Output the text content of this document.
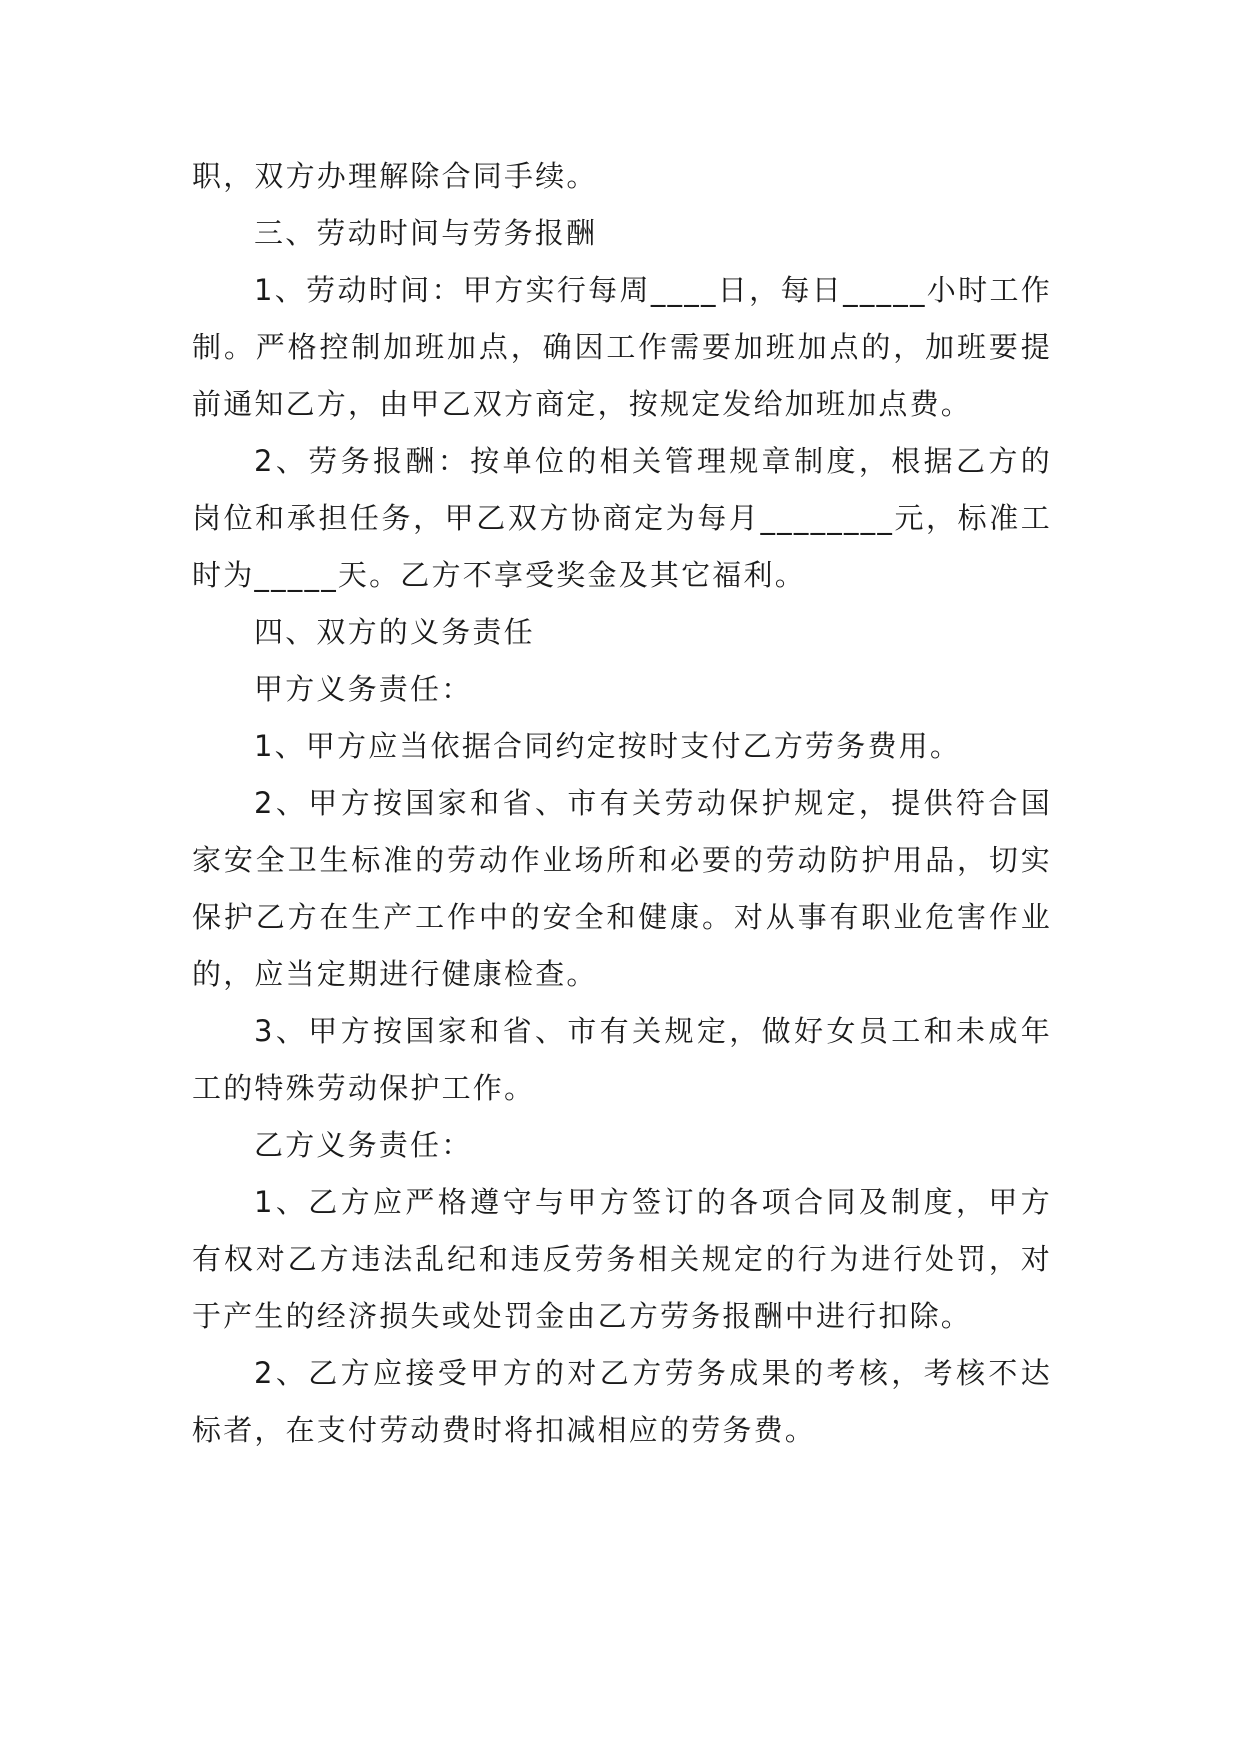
职，双方办理解除合同手续。

三、劳动时间与劳务报酬

1、劳动时间：甲方实行每周____日，每日_____小时工作制。严格控制加班加点，确因工作需要加班加点的，加班要提前通知乙方，由甲乙双方商定，按规定发给加班加点费。

2、劳务报酬：按单位的相关管理规章制度，根据乙方的岗位和承担任务，甲乙双方协商定为每月________元，标准工时为_____天。乙方不享受奖金及其它福利。

四、双方的义务责任

甲方义务责任：

1、甲方应当依据合同约定按时支付乙方劳务费用。

2、甲方按国家和省、市有关劳动保护规定，提供符合国家安全卫生标准的劳动作业场所和必要的劳动防护用品，切实保护乙方在生产工作中的安全和健康。对从事有职业危害作业的，应当定期进行健康检查。

3、甲方按国家和省、市有关规定，做好女员工和未成年工的特殊劳动保护工作。

乙方义务责任：

1、乙方应严格遵守与甲方签订的各项合同及制度，甲方有权对乙方违法乱纪和违反劳务相关规定的行为进行处罚，对于产生的经济损失或处罚金由乙方劳务报酬中进行扣除。

2、乙方应接受甲方的对乙方劳务成果的考核，考核不达标者，在支付劳动费时将扣减相应的劳务费。
